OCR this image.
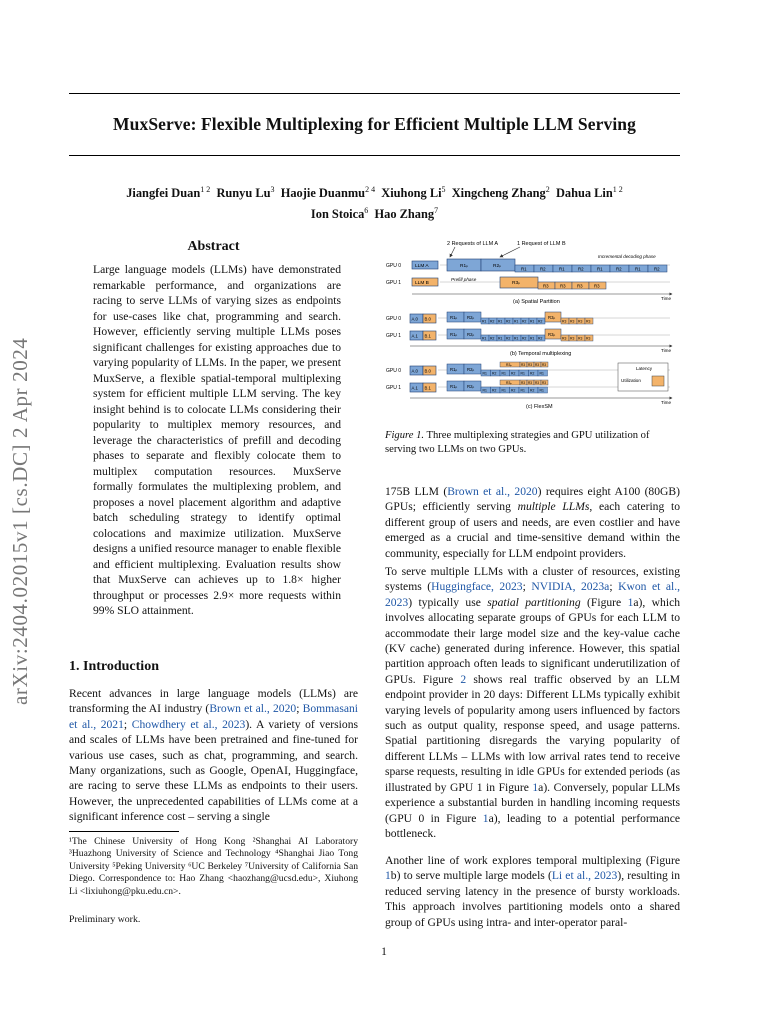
MuxServe: Flexible Multiplexing for Efficient Multiple LLM Serving
Jiangfei Duan$^{1 2}$ Runyu Lu$^3$ Haojie Duanmu$^{2 4}$ Xiuhong Li$^5$ Xingcheng Zhang$^2$ Dahua Lin$^{1 2}$
Ion Stoica$^6$ Hao Zhang$^7$
arXiv:2404.02015v1 [cs.DC] 2 Apr 2024
Abstract

Large language models (LLMs) have demonstrated remarkable performance, and organizations are racing to serve LLMs of varying sizes as endpoints for use-cases like chat, programming and search. However, efficiently serving multiple LLMs poses significant challenges for existing approaches due to varying popularity of LLMs. In the paper, we present MuxServe, a flexible spatial-temporal multiplexing system for efficient multiple LLM serving. The key insight behind is to colocate LLMs considering their popularity to multiplex memory resources, and leverage the characteristics of prefill and decoding phases to separate and flexibly colocate them to multiplex computation resources. MuxServe formally formulates the multiplexing problem, and proposes a novel placement algorithm and adaptive batch scheduling strategy to identify optimal colocations and maximize utilization. MuxServe designs a unified resource manager to enable flexible and efficient multiplexing. Evaluation results show that MuxServe can achieves up to 1.8× higher throughput or processes 2.9× more requests within 99% SLO attainment.

1. Introduction

Recent advances in large language models (LLMs) are transforming the AI industry (Brown et al., 2020; Bommasani et al., 2021; Chowdhery et al., 2023). A variety of versions and scales of LLMs have been pretrained and fine-tuned for various use cases, such as chat, programming, and search. Many organizations, such as Google, OpenAI, Huggingface, are racing to serve these LLMs as endpoints to their users. However, the unprecedented capabilities of LLMs come at a significant inference cost – serving a single

¹The Chinese University of Hong Kong ²Shanghai AI Laboratory ³Huazhong University of Science and Technology ⁴Shanghai Jiao Tong University ⁵Peking University ⁶UC Berkeley ⁷University of California San Diego. Correspondence to: Hao Zhang <haozhang@ucsd.edu>, Xiuhong Li <lixiuhong@pku.edu.cn>.

Preliminary work.
1
2 Requests of LLM A	1 Request of LLM B
Incremental decoding phase
GPU 0
GPU 1
LLM A
LLM B
R1ₚ	R2ₚ	R1	R2	R1	R2	R1	R2	R1	R2
Prefill phase
R3ₚ	R3	R3	R3	R3
Time
(a) Spatial Partition
GPU 0
GPU 1
A.0 B.0
A.1 B.1
R1ₚ R2ₚ
R1ₚ R2ₚ
R1 R2 R1 R2 R1 R2 R1 R2
R1 R2 R1 R2 R1 R2 R1 R2
R3ₚ
R3ₚ
R3 R3 R3 R3
R3 R3 R3 R3
Time
(b) Temporal multiplexing
GPU 0
GPU 1
A.0 B.0
A.1 B.1
R1ₚ R2ₚ
R1ₚ R2ₚ
R3ₚ	R3 R3 R3 R3
R1 R2 R1 R2 R1 R2 R1
R3ₚ	R3 R3 R3 R3
R1 R2 R1 R2 R1 R2 R1
Latency
Utilization
Time
(c) FlexSM

Figure 1. Three multiplexing strategies and GPU utilization of serving two LLMs on two GPUs.

175B LLM (Brown et al., 2020) requires eight A100 (80GB) GPUs; efficiently serving multiple LLMs, each catering to different group of users and needs, are even costlier and have emerged as a crucial and time-sensitive demand within the community, especially for LLM endpoint providers.

To serve multiple LLMs with a cluster of resources, existing systems (Huggingface, 2023; NVIDIA, 2023a; Kwon et al., 2023) typically use spatial partitioning (Figure 1a), which involves allocating separate groups of GPUs for each LLM to accommodate their large model size and the key-value cache (KV cache) generated during inference. However, this spatial partition approach often leads to significant underutilization of GPUs. Figure 2 shows real traffic observed by an LLM endpoint provider in 20 days: Different LLMs typically exhibit varying levels of popularity among users influenced by factors such as output quality, response speed, and usage patterns. Spatial partitioning disregards the varying popularity of different LLMs – LLMs with low arrival rates tend to receive sparse requests, resulting in idle GPUs for extended periods (as illustrated by GPU 1 in Figure 1a). Conversely, popular LLMs experience a substantial burden in handling incoming requests (GPU 0 in Figure 1a), leading to a potential performance bottleneck.

Another line of work explores temporal multiplexing (Figure 1b) to serve multiple large models (Li et al., 2023), resulting in reduced serving latency in the presence of bursty workloads. This approach involves partitioning models onto a shared group of GPUs using intra- and inter-operator paral-
